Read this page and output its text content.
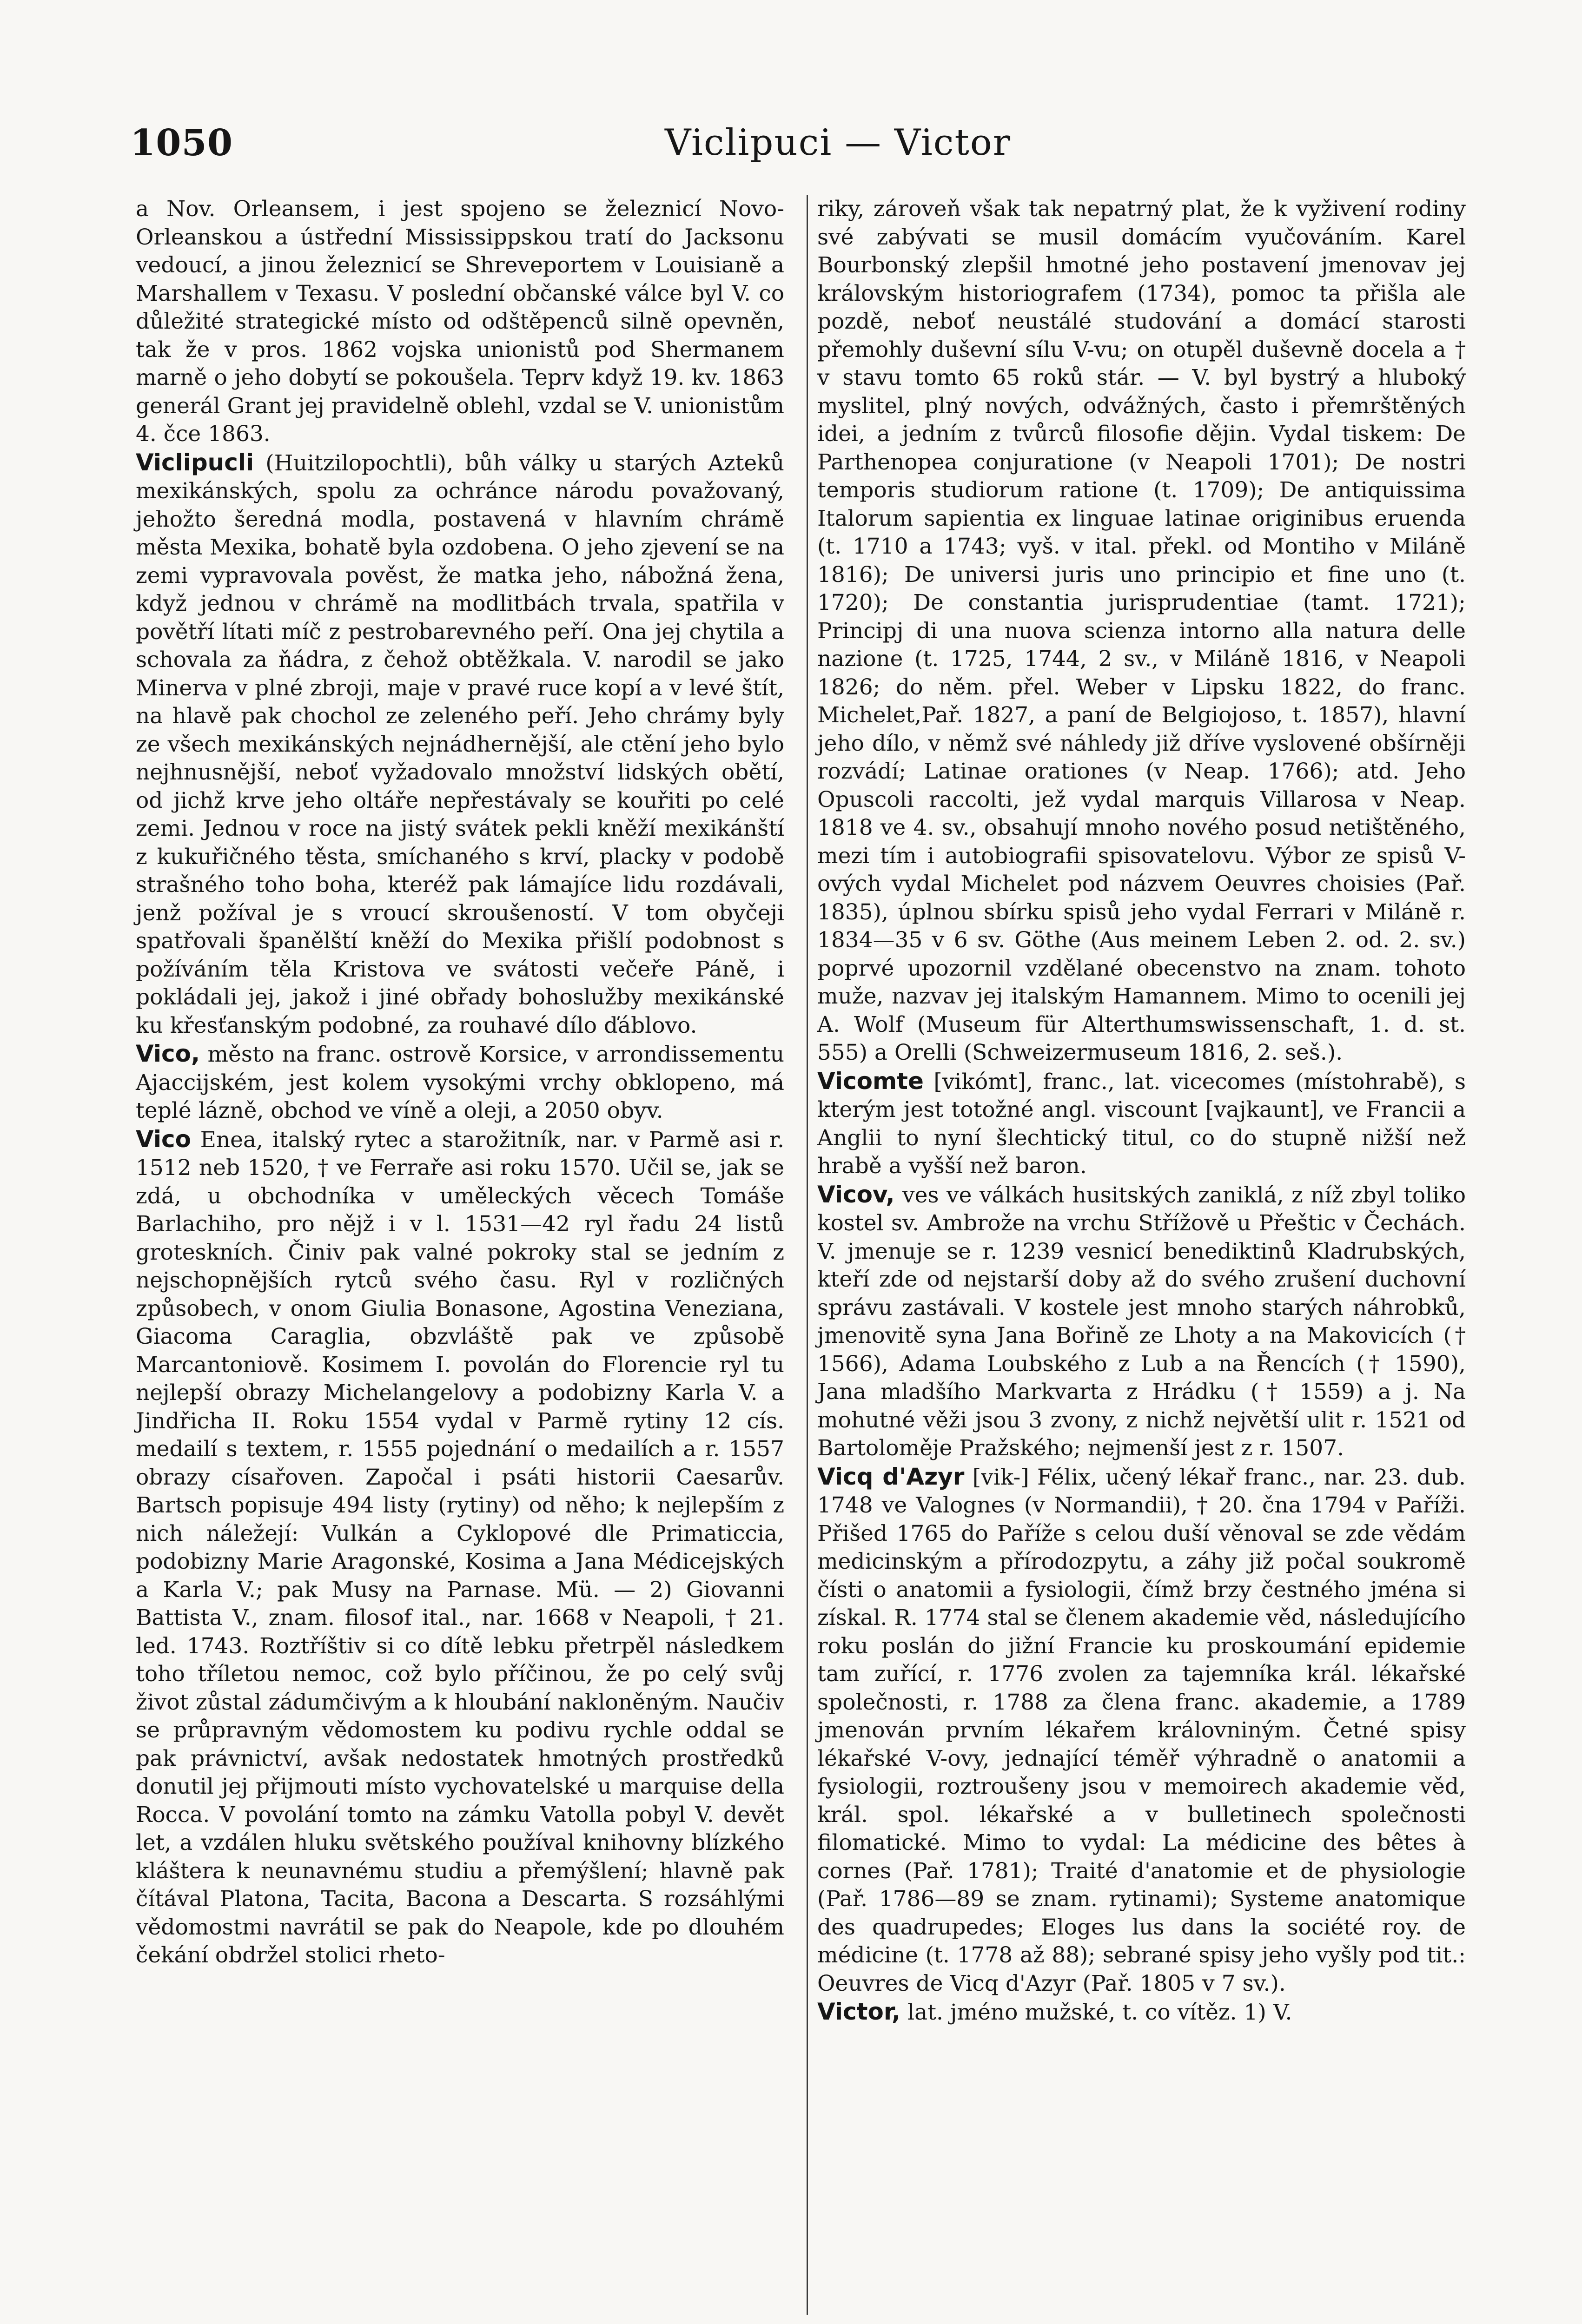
1050	Viclipuci — Victor

a Nov. Orleansem, i jest spojeno se železnicí Novo-Orleanskou a ústřední Mississippskou tratí do Jacksonu vedoucí, a jinou železnicí se Shreveportem v Louisianě a Marshallem v Texasu. V poslední občanské válce byl V. co důležité strategické místo od odštěpenců silně opevněn, tak že v pros. 1862 vojska unionistů pod Shermanem marně o jeho dobytí se pokoušela. Teprv když 19. kv. 1863 generál Grant jej pravidelně oblehl, vzdal se V. unionistům 4. čce 1863.

Viclipucli (Huitzilopochtli), bůh války u starých Azteků mexikánských, spolu za ochránce národu považovaný, jehožto šeredná modla, postavená v hlavním chrámě města Mexika, bohatě byla ozdobena. O jeho zjevení se na zemi vypravovala pověst, že matka jeho, nábožná žena, když jednou v chrámě na modlitbách trvala, spatřila v povětří lítati míč z pestrobarevného peří. Ona jej chytila a schovala za ňádra, z čehož obtěžkala. V. narodil se jako Minerva v plné zbroji, maje v pravé ruce kopí a v levé štít, na hlavě pak chochol ze zeleného peří. Jeho chrámy byly ze všech mexikánských nejnádhernější, ale ctění jeho bylo nejhnusnější, neboť vyžadovalo množství lidských obětí, od jichž krve jeho oltáře nepřestávaly se kouřiti po celé zemi. Jednou v roce na jistý svátek pekli kněží mexikánští z kukuřičného těsta, smíchaného s krví, placky v podobě strašného toho boha, kteréž pak lámajíce lidu rozdávali, jenž požíval je s vroucí skroušeností. V tom obyčeji spatřovali španělští kněží do Mexika přišlí podobnost s požíváním těla Kristova ve svátosti večeře Páně, i pokládali jej, jakož i jiné obřady bohoslužby mexikánské ku křesťanským podobné, za rouhavé dílo ďáblovo.

Vico, město na franc. ostrově Korsice, v arrondissementu Ajaccijském, jest kolem vysokými vrchy obklopeno, má teplé lázně, obchod ve víně a oleji, a 2050 obyv.

Vico Enea, italský rytec a starožitník, nar. v Parmě asi r. 1512 neb 1520, † ve Ferraře asi roku 1570. Učil se, jak se zdá, u obchodníka v uměleckých věcech Tomáše Barlachiho, pro nějž i v l. 1531—42 ryl řadu 24 listů groteskních. Činiv pak valné pokroky stal se jedním z nejschopnějších rytců svého času. Ryl v rozličných způsobech, v onom Giulia Bonasone, Agostina Veneziana, Giacoma Caraglia, obzvláště pak ve způsobě Marcantoniově. Kosimem I. povolán do Florencie ryl tu nejlepší obrazy Michelangelovy a podobizny Karla V. a Jindřicha II. Roku 1554 vydal v Parmě rytiny 12 cís. medailí s textem, r. 1555 pojednání o medailích a r. 1557 obrazy císařoven. Započal i psáti historii Caesarův. Bartsch popisuje 494 listy (rytiny) od něho; k nejlepším z nich náležejí: Vulkán a Cyklopové dle Primaticcia, podobizny Marie Aragonské, Kosima a Jana Médicejských a Karla V.; pak Musy na Parnase. Mü. — 2) Giovanni Battista V., znam. filosof ital., nar. 1668 v Neapoli, † 21. led. 1743. Roztříštiv si co dítě lebku přetrpěl následkem toho tříletou nemoc, což bylo příčinou, že po celý svůj život zůstal zádumčivým a k hloubání nakloněným. Naučiv se průpravným vědomostem ku podivu rychle oddal se pak právnictví, avšak nedostatek hmotných prostředků donutil jej přijmouti místo vychovatelské u marquise della Rocca. V povolání tomto na zámku Vatolla pobyl V. devět let, a vzdálen hluku světského používal knihovny blízkého kláštera k neunavnému studiu a přemýšlení; hlavně pak čítával Platona, Tacita, Bacona a Descarta. S rozsáhlými vědomostmi navrátil se pak do Neapole, kde po dlouhém čekání obdržel stolici rheto-

riky, zároveň však tak nepatrný plat, že k vyživení rodiny své zabývati se musil domácím vyučováním. Karel Bourbonský zlepšil hmotné jeho postavení jmenovav jej královským historiografem (1734), pomoc ta přišla ale pozdě, neboť neustálé studování a domácí starosti přemohly duševní sílu V-vu; on otupěl duševně docela a † v stavu tomto 65 roků stár. — V. byl bystrý a hluboký myslitel, plný nových, odvážných, často i přemrštěných idei, a jedním z tvůrců filosofie dějin. Vydal tiskem: De Parthenopea conjuratione (v Neapoli 1701); De nostri temporis studiorum ratione (t. 1709); De antiquissima Italorum sapientia ex linguae latinae originibus eruenda (t. 1710 a 1743; vyš. v ital. překl. od Montiho v Miláně 1816); De universi juris uno principio et fine uno (t. 1720); De constantia jurisprudentiae (tamt. 1721); Principj di una nuova scienza intorno alla natura delle nazione (t. 1725, 1744, 2 sv., v Miláně 1816, v Neapoli 1826; do něm. přel. Weber v Lipsku 1822, do franc. Michelet,Pař. 1827, a paní de Belgiojoso, t. 1857), hlavní jeho dílo, v němž své náhledy již dříve vyslovené obšírněji rozvádí; Latinae orationes (v Neap. 1766); atd. Jeho Opuscoli raccolti, jež vydal marquis Villarosa v Neap. 1818 ve 4. sv., obsahují mnoho nového posud netištěného, mezi tím i autobiografii spisovatelovu. Výbor ze spisů V-ových vydal Michelet pod názvem Oeuvres choisies (Pař. 1835), úplnou sbírku spisů jeho vydal Ferrari v Miláně r. 1834—35 v 6 sv. Göthe (Aus meinem Leben 2. od. 2. sv.) poprvé upozornil vzdělané obecenstvo na znam. tohoto muže, nazvav jej italským Hamannem. Mimo to ocenili jej A. Wolf (Museum für Alterthumswissenschaft, 1. d. st. 555) a Orelli (Schweizermuseum 1816, 2. seš.).

Vicomte [vikómt], franc., lat. vicecomes (místohrabě), s kterým jest totožné angl. viscount [vajkaunt], ve Francii a Anglii to nyní šlechtický titul, co do stupně nižší než hrabě a vyšší než baron.

Vicov, ves ve válkách husitských zaniklá, z níž zbyl toliko kostel sv. Ambrože na vrchu Střížově u Přeštic v Čechách. V. jmenuje se r. 1239 vesnicí benediktinů Kladrubských, kteří zde od nejstarší doby až do svého zrušení duchovní správu zastávali. V kostele jest mnoho starých náhrobků, jmenovitě syna Jana Bořině ze Lhoty a na Makovicích († 1566), Adama Loubského z Lub a na Řencích († 1590), Jana mladšího Markvarta z Hrádku († 1559) a j. Na mohutné věži jsou 3 zvony, z nichž největší ulit r. 1521 od Bartoloměje Pražského; nejmenší jest z r. 1507.

Vicq d'Azyr [vik-] Félix, učený lékař franc., nar. 23. dub. 1748 ve Valognes (v Normandii), † 20. čna 1794 v Paříži. Přišed 1765 do Paříže s celou duší věnoval se zde vědám medicinským a přírodozpytu, a záhy již počal soukromě čísti o anatomii a fysiologii, čímž brzy čestného jména si získal. R. 1774 stal se členem akademie věd, následujícího roku poslán do jižní Francie ku proskoumání epidemie tam zuřící, r. 1776 zvolen za tajemníka král. lékařské společnosti, r. 1788 za člena franc. akademie, a 1789 jmenován prvním lékařem královniným. Četné spisy lékařské V-ovy, jednající téměř výhradně o anatomii a fysiologii, roztroušeny jsou v memoirech akademie věd, král. spol. lékařské a v bulletinech společnosti filomatické. Mimo to vydal: La médicine des bêtes à cornes (Pař. 1781); Traité d'anatomie et de physiologie (Pař. 1786—89 se znam. rytinami); Systeme anatomique des quadrupedes; Eloges lus dans la société roy. de médicine (t. 1778 až 88); sebrané spisy jeho vyšly pod tit.: Oeuvres de Vicq d'Azyr (Pař. 1805 v 7 sv.).

Victor, lat. jméno mužské, t. co vítěz. 1) V.
